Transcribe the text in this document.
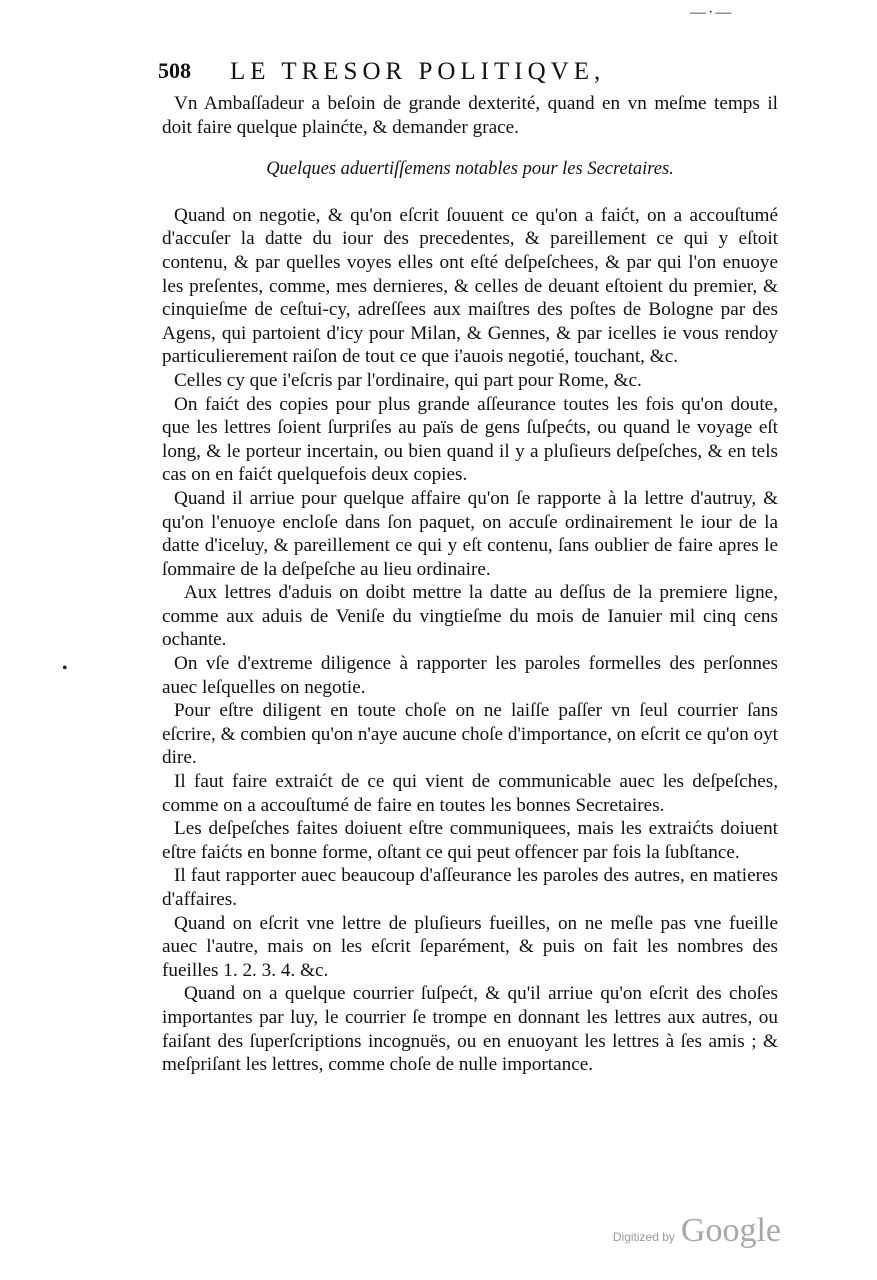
—·—
508 LE TRESOR POLITIQVE,
•

Vn Ambaſſadeur a beſoin de grande dexterité, quand en vn meſme temps il doit faire quelque plainćte, & demander grace.

Quelques aduertiſſemens notables pour les Secretaires.

Quand on negotie, & qu'on eſcrit ſouuent ce qu'on a faićt, on a accouſtumé d'accuſer la datte du iour des precedentes, & pareillement ce qui y eſtoit contenu, & par quelles voyes elles ont eſté deſpeſchees, & par qui l'on enuoye les preſentes, comme, mes dernieres, & celles de deuant eſtoient du premier, & cinquieſme de ceſtui-cy, adreſſees aux maiſtres des poſtes de Bologne par des Agens, qui partoient d'icy pour Milan, & Gennes, & par icelles ie vous rendoy particulierement raiſon de tout ce que i'auois negotié, touchant, &c.

Celles cy que i'eſcris par l'ordinaire, qui part pour Rome, &c.

On faićt des copies pour plus grande aſſeurance toutes les fois qu'on doute, que les lettres ſoient ſurpriſes au païs de gens ſuſpećts, ou quand le voyage eſt long, & le porteur incertain, ou bien quand il y a pluſieurs deſpeſches, & en tels cas on en faićt quelquefois deux copies.

Quand il arriue pour quelque affaire qu'on ſe rapporte à la lettre d'autruy, & qu'on l'enuoye encloſe dans ſon paquet, on accuſe ordinairement le iour de la datte d'iceluy, & pareillement ce qui y eſt contenu, ſans oublier de faire apres le ſommaire de la deſpeſche au lieu ordinaire.

Aux lettres d'aduis on doibt mettre la datte au deſſus de la premiere ligne, comme aux aduis de Veniſe du vingtieſme du mois de Ianuier mil cinq cens ochante.

On vſe d'extreme diligence à rapporter les paroles formelles des perſonnes auec leſquelles on negotie.

Pour eſtre diligent en toute choſe on ne laiſſe paſſer vn ſeul courrier ſans eſcrire, & combien qu'on n'aye aucune choſe d'importance, on eſcrit ce qu'on oyt dire.

Il faut faire extraićt de ce qui vient de communicable auec les deſpeſches, comme on a accouſtumé de faire en toutes les bonnes Secretaires.

Les deſpeſches faites doiuent eſtre communiquees, mais les extraićts doiuent eſtre faićts en bonne forme, oſtant ce qui peut offencer par fois la ſubſtance.

Il faut rapporter auec beaucoup d'aſſeurance les paroles des autres, en matieres d'affaires.

Quand on eſcrit vne lettre de pluſieurs fueilles, on ne meſle pas vne fueille auec l'autre, mais on les eſcrit ſeparément, & puis on fait les nombres des fueilles 1. 2. 3. 4. &c.

Quand on a quelque courrier ſuſpećt, & qu'il arriue qu'on eſcrit des choſes importantes par luy, le courrier ſe trompe en donnant les lettres aux autres, ou faiſant des ſuperſcriptions incognuës, ou en enuoyant les lettres à ſes amis ; & meſpriſant les lettres, comme choſe de nulle importance.

Digitized by Google
